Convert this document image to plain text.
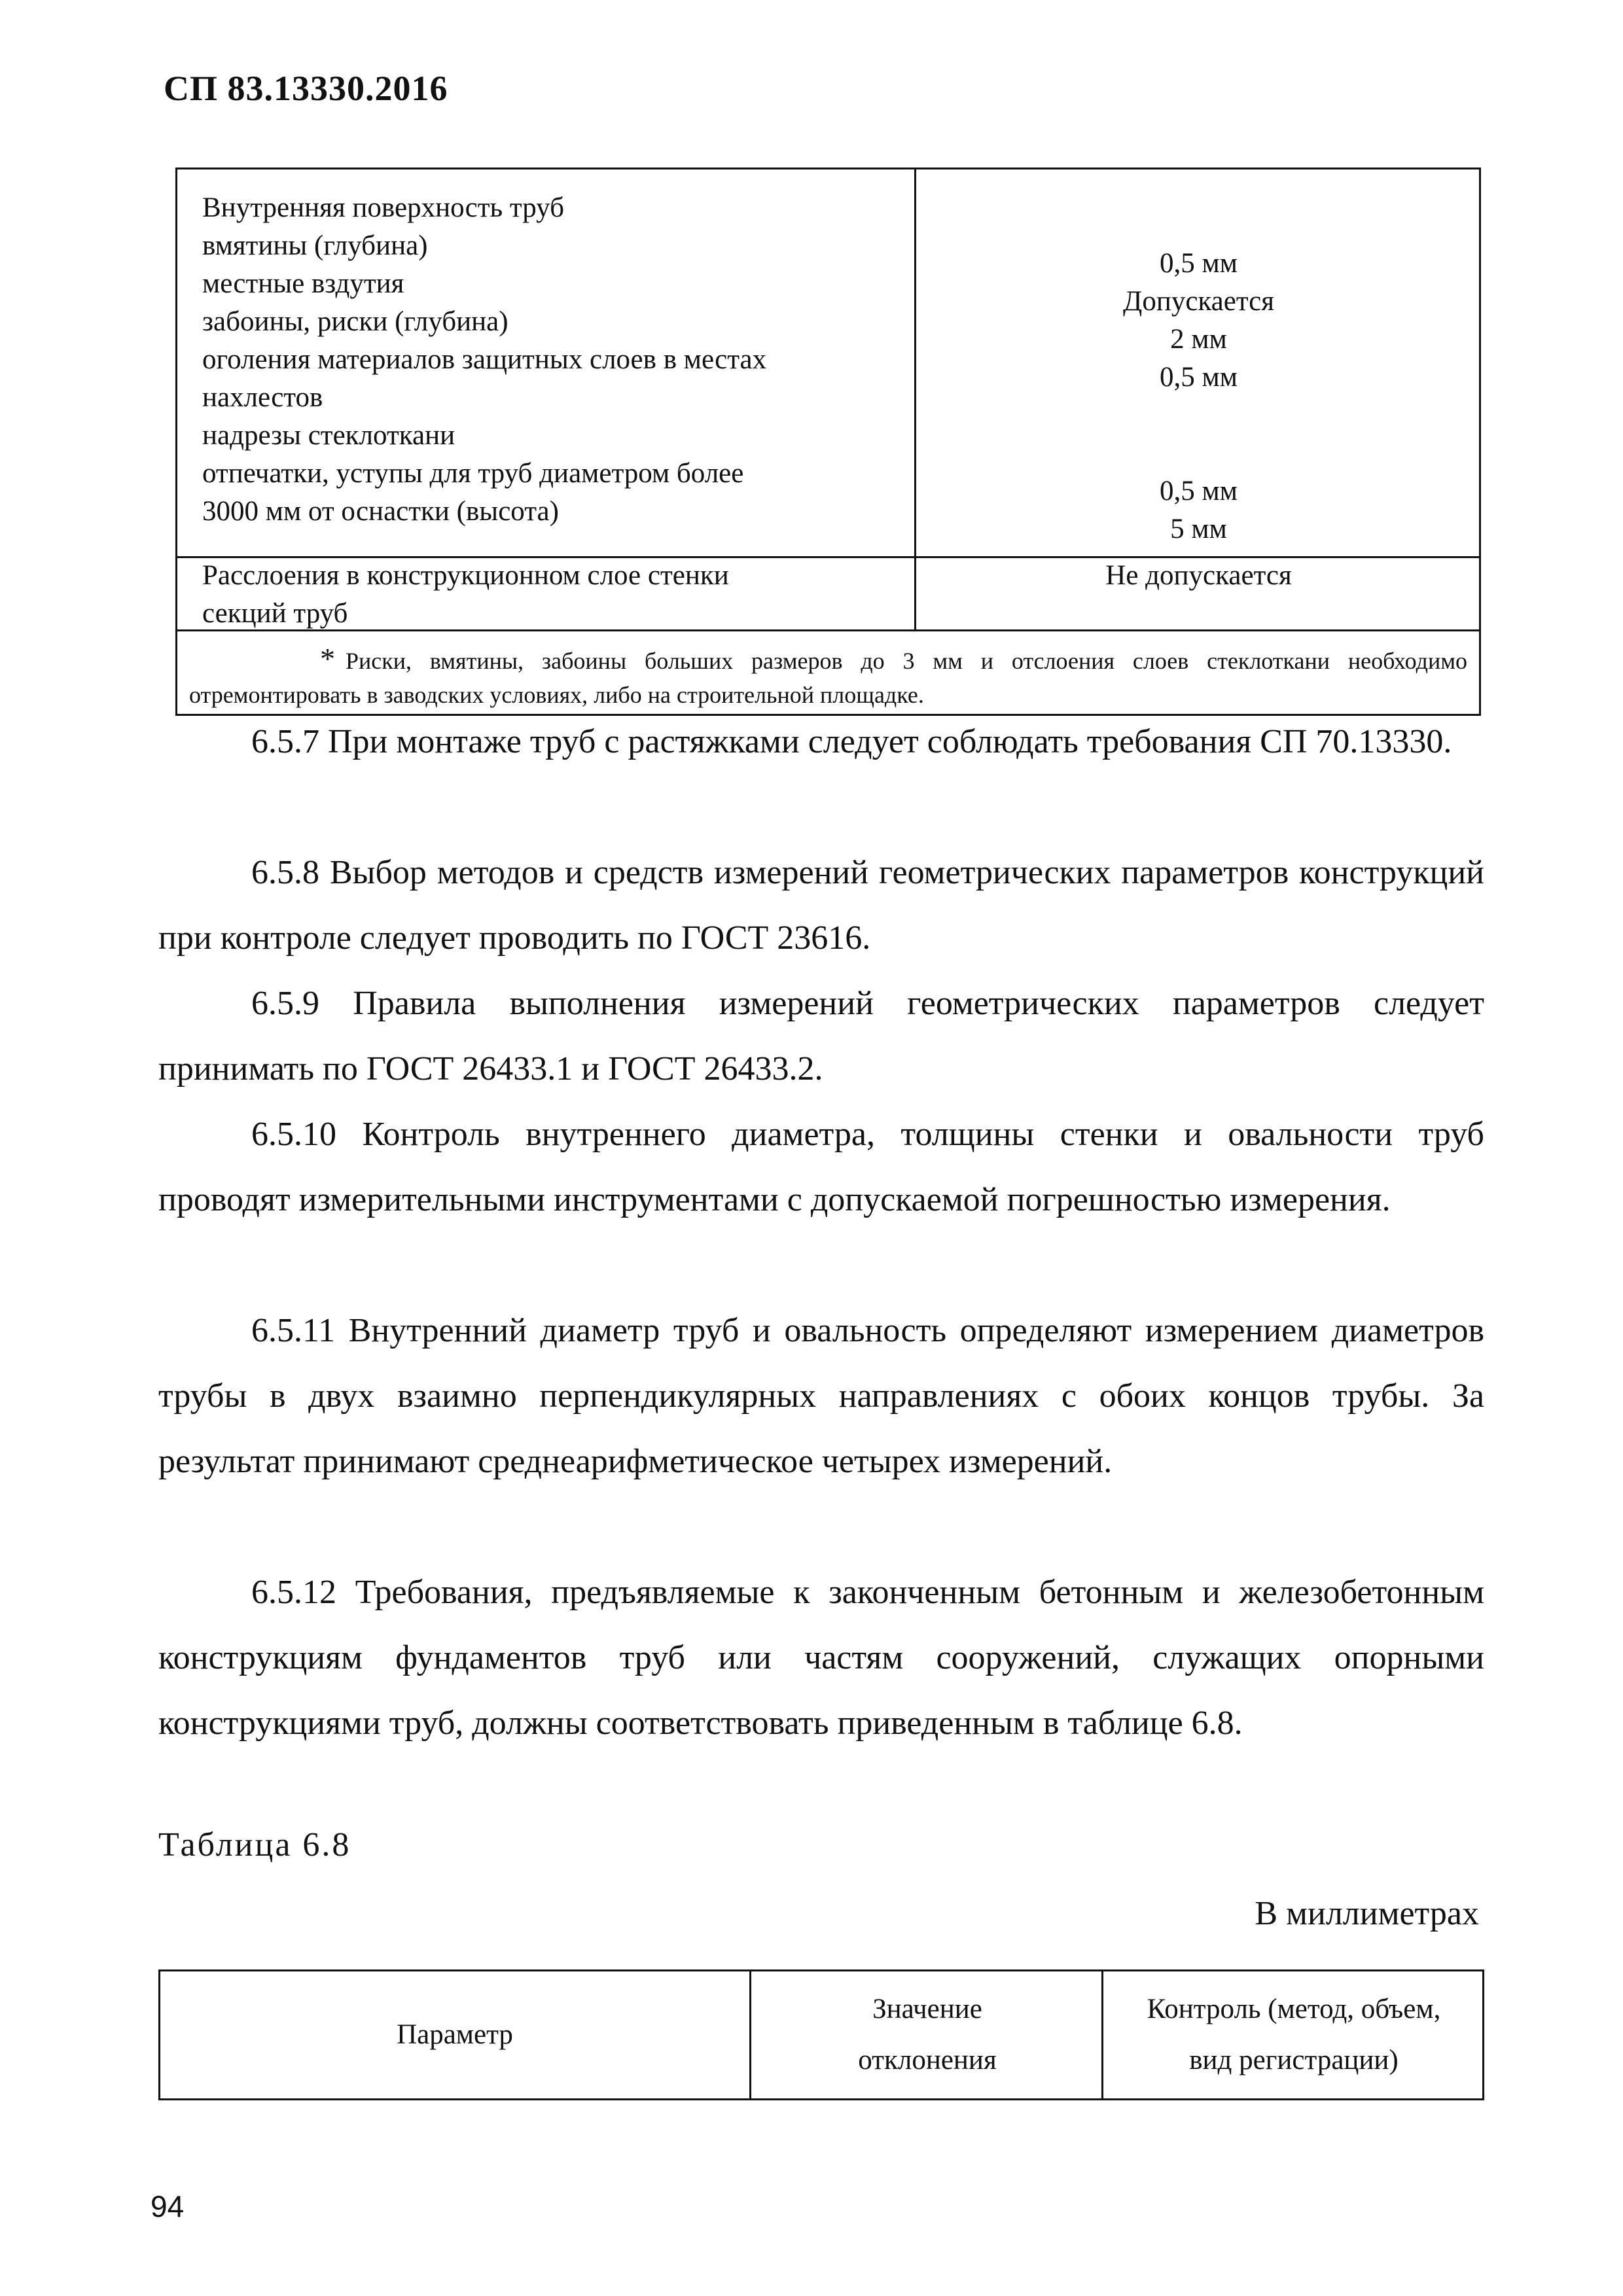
СП 83.13330.2016
Внутренняя поверхность труб
вмятины (глубина)
местные вздутия
забоины, риски (глубина)
оголения материалов защитных слоев в местах
нахлестов
надрезы стеклоткани
отпечатки, уступы для труб диаметром более
3000 мм от оснастки (высота)
0,5 мм
Допускается
2 мм
0,5 мм
0,5 мм
5 мм
Расслоения в конструкционном слое стенки
секций труб
Не допускается
* Риски, вмятины, забоины больших размеров до 3 мм и отслоения слоев стеклоткани необходимо отремонтировать в заводских условиях, либо на строительной площадке.
6.5.7 При монтаже труб с растяжками следует соблюдать требования СП 70.13330.
6.5.8 Выбор методов и средств измерений геометрических параметров конструкций при контроле следует проводить по ГОСТ 23616.
6.5.9 Правила выполнения измерений геометрических параметров следует принимать по ГОСТ 26433.1 и ГОСТ 26433.2.
6.5.10 Контроль внутреннего диаметра, толщины стенки и овальности труб проводят измерительными инструментами с допускаемой погрешностью измерения.
6.5.11 Внутренний диаметр труб и овальность определяют измерением диаметров трубы в двух взаимно перпендикулярных направлениях с обоих концов трубы. За результат принимают среднеарифметическое четырех измерений.
6.5.12 Требования, предъявляемые к законченным бетонным и железобетонным конструкциям фундаментов труб или частям сооружений, служащих опорными конструкциями труб, должны соответствовать приведенным в таблице 6.8.
Таблица 6.8
В миллиметрах
Параметр
Значение
отклонения
Контроль (метод, объем,
вид регистрации)
94
